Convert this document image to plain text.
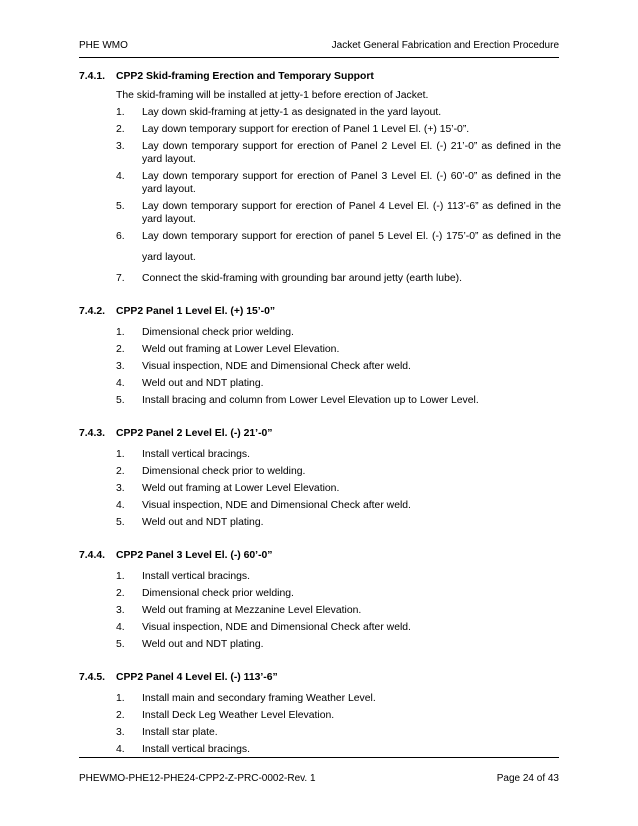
PHE WMO	Jacket General Fabrication and Erection Procedure
7.4.1.	CPP2 Skid-framing Erection and Temporary Support
The skid-framing will be installed at jetty-1 before erection of Jacket.
1.	Lay down skid-framing at jetty-1 as designated in the yard layout.
2.	Lay down temporary support for erection of Panel 1 Level El. (+) 15’-0”.
3.	Lay down temporary support for erection of Panel 2 Level El. (-) 21’-0” as defined in the yard layout.
4.	Lay down temporary support for erection of Panel 3 Level El. (-) 60’-0” as defined in the yard layout.
5.	Lay down temporary support for erection of Panel 4 Level El. (-) 113’-6” as defined in the yard layout.
6.	Lay down temporary support for erection of panel 5 Level El. (-) 175’-0” as defined in the yard layout.
7.	Connect the skid-framing with grounding bar around jetty (earth lube).
7.4.2.	CPP2 Panel 1 Level El. (+) 15’-0”
1.	Dimensional check prior welding.
2.	Weld out framing at Lower Level Elevation.
3.	Visual inspection, NDE and Dimensional Check after weld.
4.	Weld out and NDT plating.
5.	Install bracing and column from Lower Level Elevation up to Lower Level.
7.4.3.	CPP2 Panel 2 Level El. (-) 21’-0”
1.	Install vertical bracings.
2.	Dimensional check prior to welding.
3.	Weld out framing at Lower Level Elevation.
4.	Visual inspection, NDE and Dimensional Check after weld.
5.	Weld out and NDT plating.
7.4.4.	CPP2 Panel 3 Level El. (-) 60’-0”
1.	Install vertical bracings.
2.	Dimensional check prior welding.
3.	Weld out framing at Mezzanine Level Elevation.
4.	Visual inspection, NDE and Dimensional Check after weld.
5.	Weld out and NDT plating.
7.4.5.	CPP2 Panel 4 Level El. (-) 113’-6”
1.	Install main and secondary framing Weather Level.
2.	Install Deck Leg Weather Level Elevation.
3.	Install star plate.
4.	Install vertical bracings.
PHEWMO-PHE12-PHE24-CPP2-Z-PRC-0002-Rev. 1	Page 24 of 43
